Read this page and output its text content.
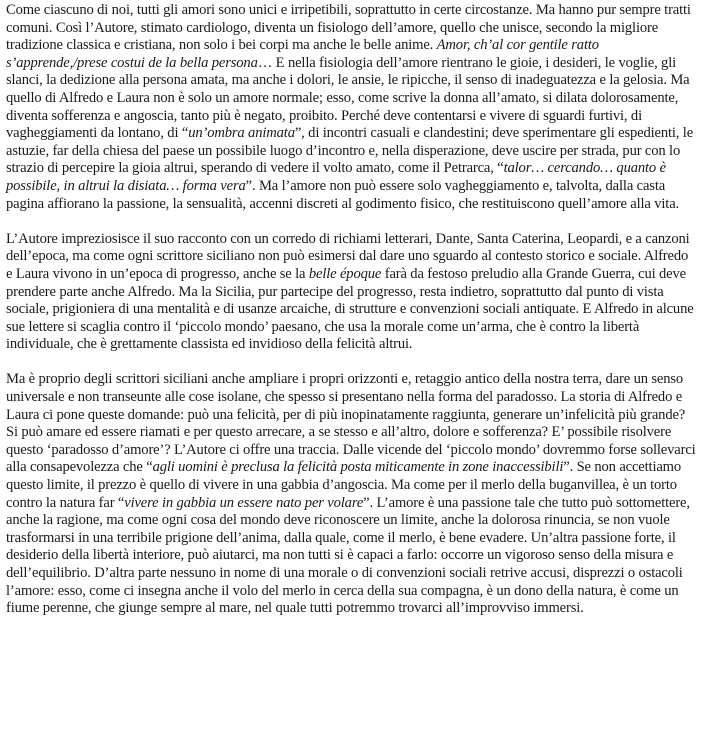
Come ciascuno di noi, tutti gli amori sono unici e irripetibili, soprattutto in certe circostanze. Ma hanno pur sempre tratti comuni. Così l’Autore, stimato cardiologo, diventa un fisiologo dell’amore, quello che unisce, secondo la migliore tradizione classica e cristiana, non solo i bei corpi ma anche le belle anime. Amor, ch’al cor gentile ratto s’apprende,/prese costui de la bella persona… E nella fisiologia dell’amore rientrano le gioie, i desideri, le voglie, gli slanci, la dedizione alla persona amata, ma anche i dolori, le ansie, le ripicche, il senso di inadeguatezza e la gelosia. Ma quello di Alfredo e Laura non è solo un amore normale; esso, come scrive la donna all’amato, si dilata dolorosamente, diventa sofferenza e angoscia, tanto più è negato, proibito. Perché deve contentarsi e vivere di sguardi furtivi, di vagheggiamenti da lontano, di “un’ombra animata”, di incontri casuali e clandestini; deve sperimentare gli espedienti, le astuzie, far della chiesa del paese un possibile luogo d’incontro e, nella disperazione, deve uscire per strada, pur con lo strazio di percepire la gioia altrui, sperando di vedere il volto amato, come il Petrarca, “talor… cercando… quanto è possibile, in altrui la disiata… forma vera”. Ma l’amore non può essere solo vagheggiamento e, talvolta, dalla casta pagina affiorano la passione, la sensualità, accenni discreti al godimento fisico, che restituiscono quell’amore alla vita.

L’Autore impreziosisce il suo racconto con un corredo di richiami letterari, Dante, Santa Caterina, Leopardi, e a canzoni dell’epoca, ma come ogni scrittore siciliano non può esimersi dal dare uno sguardo al contesto storico e sociale. Alfredo e Laura vivono in un’epoca di progresso, anche se la belle époque farà da festoso preludio alla Grande Guerra, cui deve prendere parte anche Alfredo. Ma la Sicilia, pur partecipe del progresso, resta indietro, soprattutto dal punto di vista sociale, prigioniera di una mentalità e di usanze arcaiche, di strutture e convenzioni sociali antiquate. E Alfredo in alcune sue lettere si scaglia contro il ‘piccolo mondo’ paesano, che usa la morale come un’arma, che è contro la libertà individuale, che è grettamente classista ed invidioso della felicità altrui.

Ma è proprio degli scrittori siciliani anche ampliare i propri orizzonti e, retaggio antico della nostra terra, dare un senso universale e non transeunte alle cose isolane, che spesso si presentano nella forma del paradosso. La storia di Alfredo e Laura ci pone queste domande: può una felicità, per di più inopinatamente raggiunta, generare un’infelicità più grande? Si può amare ed essere riamati e per questo arrecare, a se stesso e all’altro, dolore e sofferenza? E’ possibile risolvere questo ‘paradosso d’amore’? L’Autore ci offre una traccia. Dalle vicende del ‘piccolo mondo’ dovremmo forse sollevarci alla consapevolezza che “agli uomini è preclusa la felicità posta miticamente in zone inaccessibili”. Se non accettiamo questo limite, il prezzo è quello di vivere in una gabbia d’angoscia. Ma come per il merlo della buganvillea, è un torto contro la natura far “vivere in gabbia un essere nato per volare”. L’amore è una passione tale che tutto può sottomettere, anche la ragione, ma come ogni cosa del mondo deve riconoscere un limite, anche la dolorosa rinuncia, se non vuole trasformarsi in una terribile prigione dell’anima, dalla quale, come il merlo, è bene evadere. Un’altra passione forte, il desiderio della libertà interiore, può aiutarci, ma non tutti si è capaci a farlo: occorre un vigoroso senso della misura e dell’equilibrio. D’altra parte nessuno in nome di una morale o di convenzioni sociali retrive accusi, disprezzi o ostacoli l’amore: esso, come ci insegna anche il volo del merlo in cerca della sua compagna, è un dono della natura, è come un fiume perenne, che giunge sempre al mare, nel quale tutti potremmo trovarci all’improvviso immersi.
